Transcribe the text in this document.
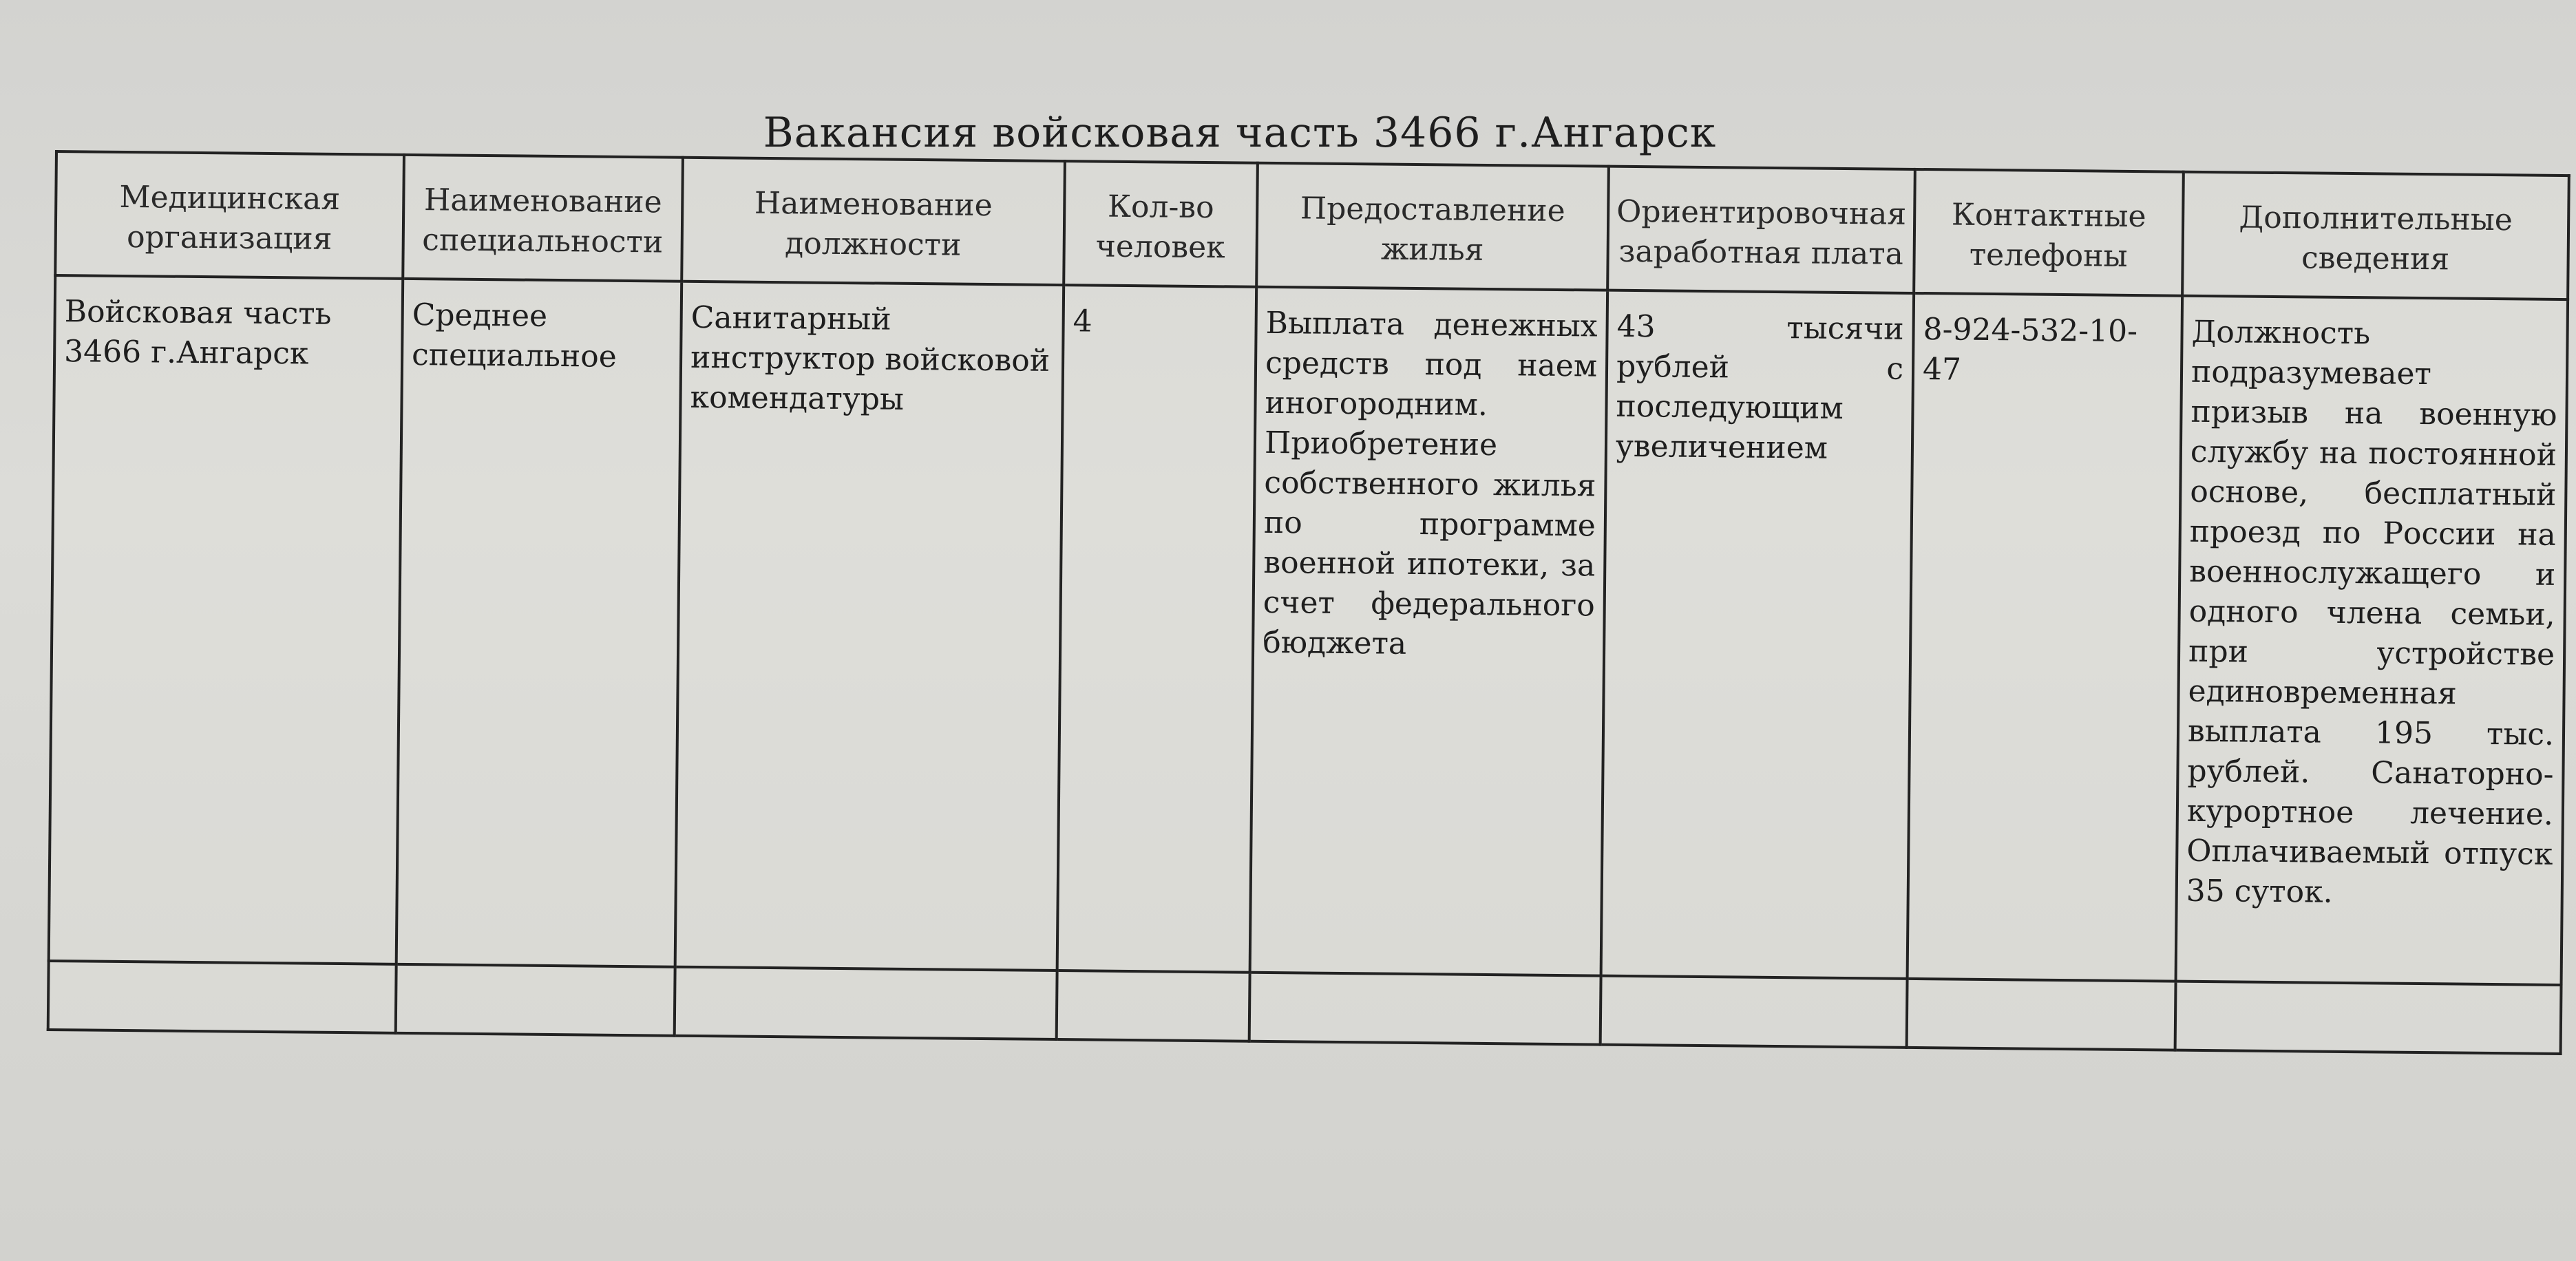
Вакансия войсковая часть 3466 г.Ангарск
Медицинская организация	Наименование специальности	Наименование должности	Кол-во человек	Предоставление жилья	Ориентировочная заработная плата	Контактные телефоны	Дополнительные сведения
Войсковая часть 3466 г.Ангарск	Среднее специальное	Санитарный инструктор войсковой комендатуры	4	Выплата денежных средств под наем иногородним. Приобретение собственного жилья по программе военной ипотеки, за счет федерального бюджета	43 тысячи рублей с последующим увеличением	8-924-532-10-47	Должность подразумевает призыв на военную службу на постоянной основе, бесплатный проезд по России на военнослужащего и одного члена семьи, при устройстве единовременная выплата 195 тыс. рублей. Санаторно-курортное лечение. Оплачиваемый отпуск 35 суток.
